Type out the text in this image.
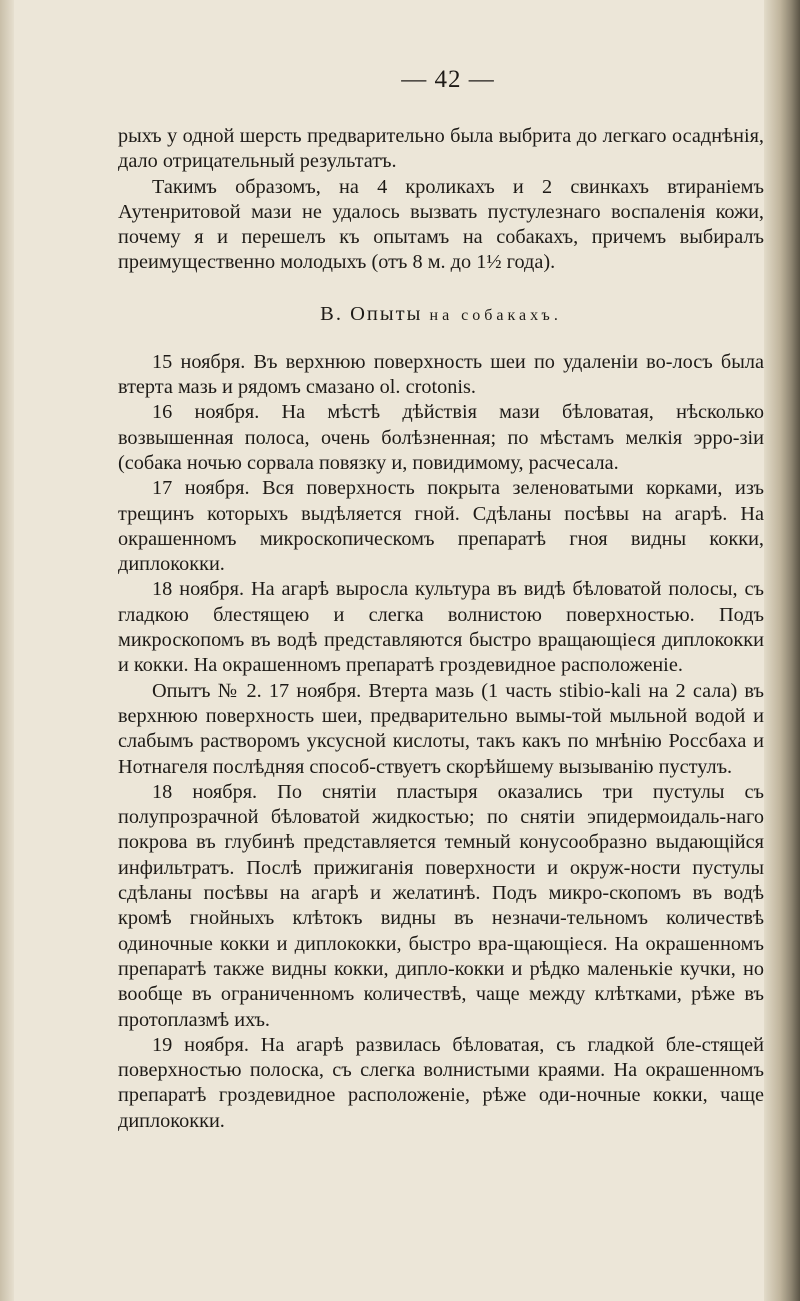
— 42 —

рыхъ у одной шерсть предварительно была выбрита до легкаго осаднѣнія, дало отрицательный результатъ.

Такимъ образомъ, на 4 кроликахъ и 2 свинкахъ втираніемъ Аутенритовой мази не удалось вызвать пустулезнаго воспаленія кожи, почему я и перешелъ къ опытамъ на собакахъ, причемъ выбиралъ преимущественно молодыхъ (отъ 8 м. до 1½ года).

В. Опыты на собакахъ.

15 ноября. Въ верхнюю поверхность шеи по удаленіи во-лосъ была втерта мазь и рядомъ смазано ol. crotonis.

16 ноября. На мѣстѣ дѣйствія мази бѣловатая, нѣсколько возвышенная полоса, очень болѣзненная; по мѣстамъ мелкія эрро-зіи (собака ночью сорвала повязку и, повидимому, расчесала.

17 ноября. Вся поверхность покрыта зеленоватыми корками, изъ трещинъ которыхъ выдѣляется гной. Сдѣланы посѣвы на агарѣ. На окрашенномъ микроскопическомъ препаратѣ гноя видны кокки, диплококки.

18 ноября. На агарѣ выросла культура въ видѣ бѣловатой полосы, съ гладкою блестящею и слегка волнистою поверхностью. Подъ микроскопомъ въ водѣ представляются быстро вращающіеся диплококки и кокки. На окрашенномъ препаратѣ гроздевидное расположеніе.

Опытъ № 2. 17 ноября. Втерта мазь (1 часть stibio-kali на 2 сала) въ верхнюю поверхность шеи, предварительно вымы-той мыльной водой и слабымъ растворомъ уксусной кислоты, такъ какъ по мнѣнію Россбаха и Нотнагеля послѣдняя способ-ствуетъ скорѣйшему вызыванію пустулъ.

18 ноября. По снятіи пластыря оказались три пустулы съ полупрозрачной бѣловатой жидкостью; по снятіи эпидермоидаль-наго покрова въ глубинѣ представляется темный конусообразно выдающійся инфильтратъ. Послѣ прижиганія поверхности и окруж-ности пустулы сдѣланы посѣвы на агарѣ и желатинѣ. Подъ микро-скопомъ въ водѣ кромѣ гнойныхъ клѣтокъ видны въ незначи-тельномъ количествѣ одиночные кокки и диплококки, быстро вра-щающіеся. На окрашенномъ препаратѣ также видны кокки, дипло-кокки и рѣдко маленькіе кучки, но вообще въ ограниченномъ количествѣ, чаще между клѣтками, рѣже въ протоплазмѣ ихъ.

19 ноября. На агарѣ развилась бѣловатая, съ гладкой бле-стящей поверхностью полоска, съ слегка волнистыми краями. На окрашенномъ препаратѣ гроздевидное расположеніе, рѣже оди-ночные кокки, чаще диплококки.
